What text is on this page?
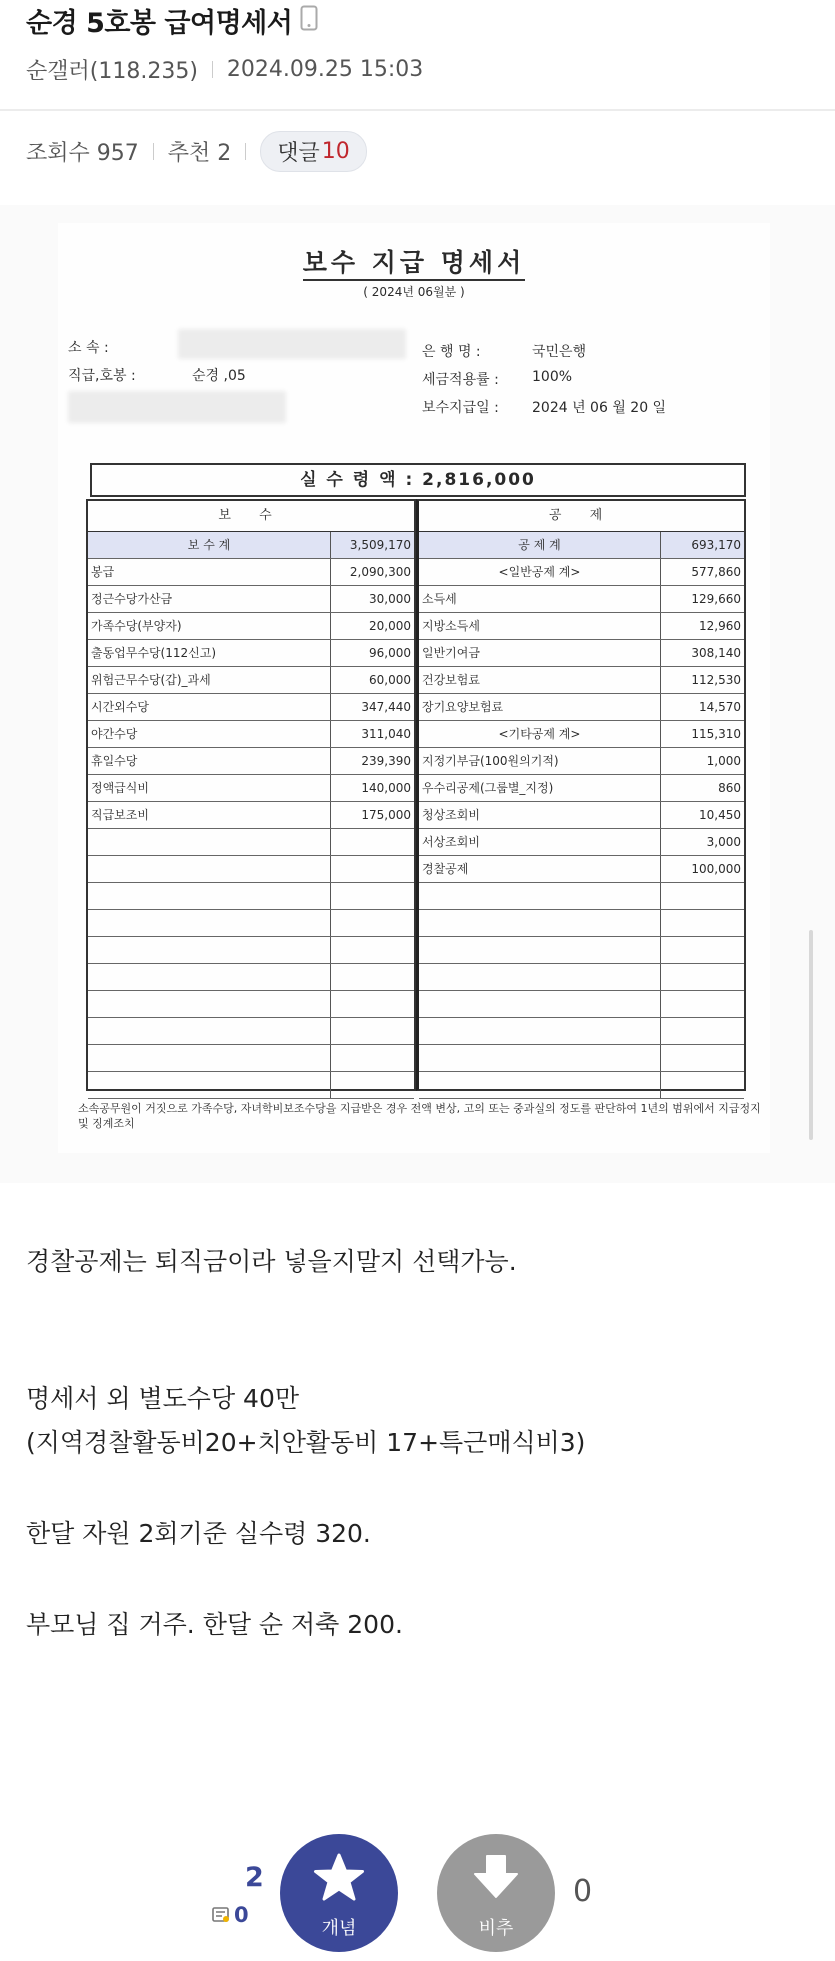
순경 5호봉 급여명세서
순갤러(118.235) 2024.09.25 15:03
조회수 957 추천 2 댓글 10
보수 지급 명세서
( 2024년 06월분 )
소 속 :
직급,호봉 :	순경 ,05
은 행 명 :	국민은행
세금적용률 : 100%
보수지급일 : 2024 년 06 월 20 일
실 수 령 액 : 2,816,000
보 수
보 수 계	3,509,170
봉급	2,090,300
정근수당가산금	30,000
가족수당(부양자)	20,000
출동업무수당(112신고)	96,000
위험근무수당(갑)_과세	60,000
시간외수당	347,440
야간수당	311,040
휴일수당	239,390
정액급식비	140,000
직급보조비	175,000
공 제
공 제 계	693,170
<일반공제 계>	577,860
소득세	129,660
지방소득세	12,960
일반기여금	308,140
건강보험료	112,530
장기요양보험료	14,570
<기타공제 계>	115,310
지정기부금(100원의기적)	1,000
우수리공제(그룹별_지정)	860
청상조회비	10,450
서상조회비	3,000
경찰공제	100,000
소속공무원이 거짓으로 가족수당, 자녀학비보조수당을 지급받은 경우 전액 변상, 고의 또는 중과실의 정도를 판단하여 1년의 범위에서 지급정지 및 징계조치

경찰공제는 퇴직금이라 넣을지말지 선택가능.

명세서 외 별도수당 40만

(지역경찰활동비20+치안활동비 17+특근매식비3)

한달 자원 2회기준 실수령 320.

부모님 집 거주. 한달 순 저축 200.

2
0
개념	비추
0
